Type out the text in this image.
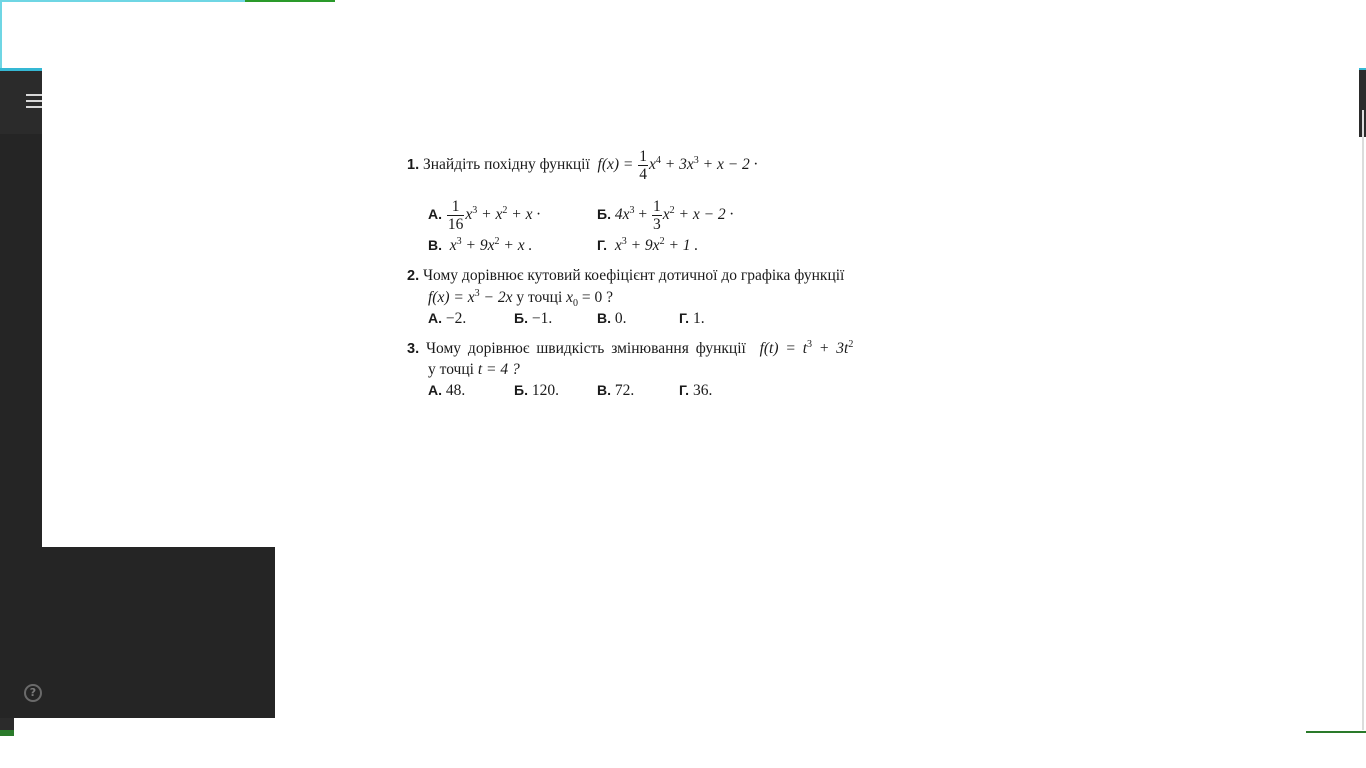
?
1. Знайдіть похідну функції $f(x) = \frac{1}{4} x^4 + 3x^3 + x - 2$ ·
А. $\frac{1}{16} x^3 + x^2 + x$ ·	Б. $4x^3 + \frac{1}{3} x^2 + x - 2$ ·
В. $x^3 + 9x^2 + x$ .	Г. $x^3 + 9x^2 + 1$ .
2. Чому дорівнює кутовий коефіцієнт дотичної до графіка функції
$f(x) = x^3 - 2x$ у точці $x_0 = 0$ ?
А. −2.	Б. −1.	В. 0.	Г. 1.
3. Чому дорівнює швидкість змінювання функції $f(t) = t^3 + 3t^2$
у точці t = 4 ?
А. 48.	Б. 120.	В. 72.	Г. 36.
